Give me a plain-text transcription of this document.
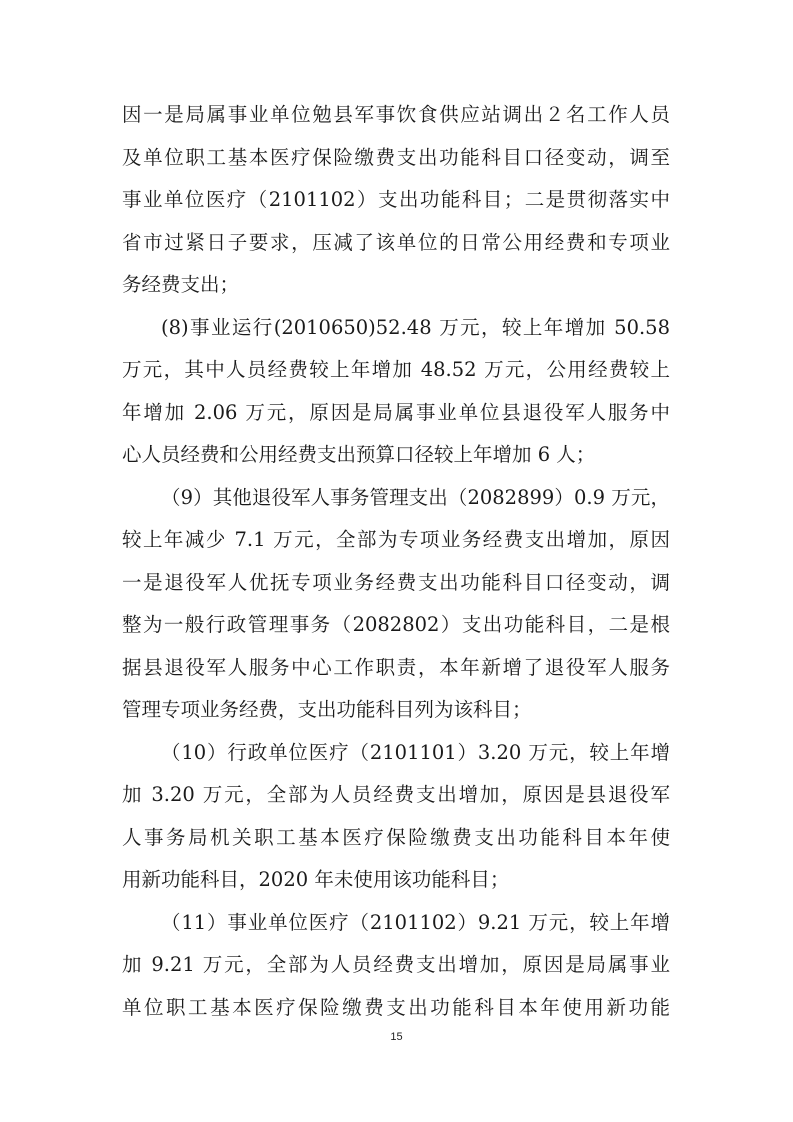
因一是局属事业单位勉县军事饮食供应站调出２名工作人员
及单位职工基本医疗保险缴费支出功能科目口径变动，调至
事业单位医疗（2101102）支出功能科目；二是贯彻落实中
省市过紧日子要求，压减了该单位的日常公用经费和专项业
务经费支出；
(8)事业运行(2010650)52.48 万元，较上年增加 50.58
万元，其中人员经费较上年增加 48.52 万元，公用经费较上
年增加 2.06 万元，原因是局属事业单位县退役军人服务中
心人员经费和公用经费支出预算口径较上年增加 6 人；
（9）其他退役军人事务管理支出（2082899）0.9 万元，
较上年减少 7.1 万元，全部为专项业务经费支出增加，原因
一是退役军人优抚专项业务经费支出功能科目口径变动，调
整为一般行政管理事务（2082802）支出功能科目，二是根
据县退役军人服务中心工作职责，本年新增了退役军人服务
管理专项业务经费，支出功能科目列为该科目；
（10）行政单位医疗（2101101）3.20 万元，较上年增
加 3.20 万元，全部为人员经费支出增加，原因是县退役军
人事务局机关职工基本医疗保险缴费支出功能科目本年使
用新功能科目，2020 年未使用该功能科目；
（11）事业单位医疗（2101102）9.21 万元，较上年增
加 9.21 万元，全部为人员经费支出增加，原因是局属事业
单位职工基本医疗保险缴费支出功能科目本年使用新功能
15
